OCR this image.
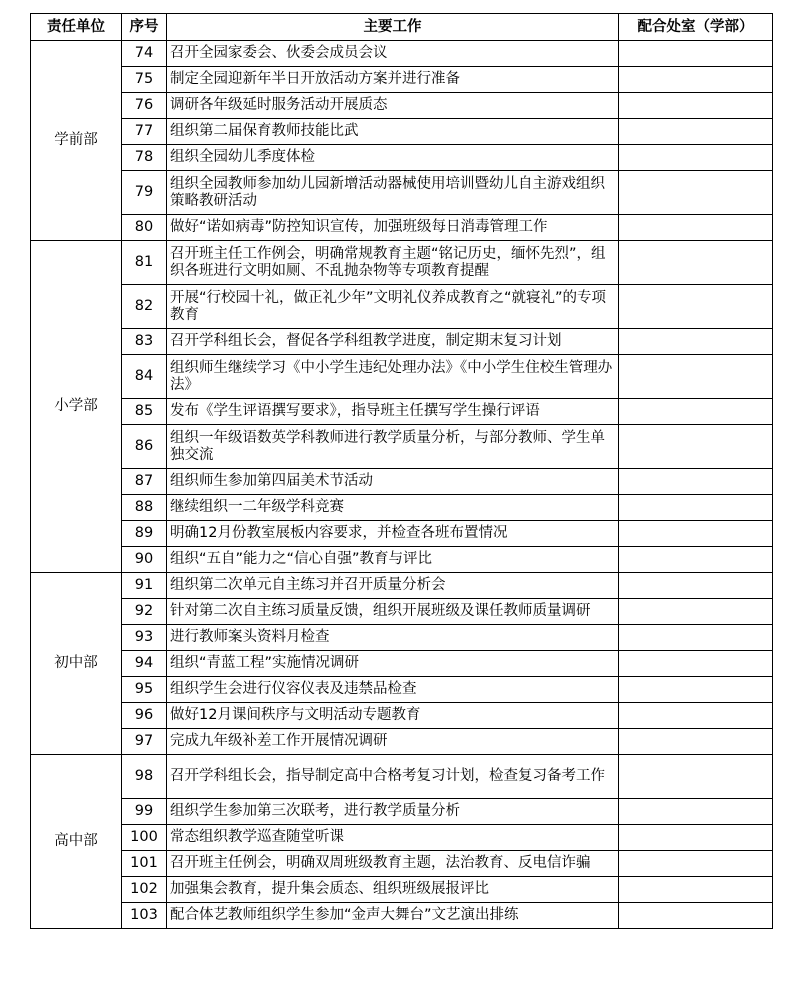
责任单位	序号	主要工作	配合处室（学部）
学前部	74	召开全园家委会、伙委会成员会议	
	75	制定全园迎新年半日开放活动方案并进行准备	
	76	调研各年级延时服务活动开展质态	
	77	组织第二届保育教师技能比武	
	78	组织全园幼儿季度体检	
	79	组织全园教师参加幼儿园新增活动器械使用培训暨幼儿自主游戏组织策略教研活动	
	80	做好“诺如病毒”防控知识宣传，加强班级每日消毒管理工作	
小学部	81	召开班主任工作例会，明确常规教育主题“铭记历史，缅怀先烈”，组织各班进行文明如厕、不乱抛杂物等专项教育提醒	
	82	开展“行校园十礼，做正礼少年”文明礼仪养成教育之“就寝礼”的专项教育	
	83	召开学科组长会，督促各学科组教学进度，制定期末复习计划	
	84	组织师生继续学习《中小学生违纪处理办法》《中小学生住校生管理办法》	
	85	发布《学生评语撰写要求》，指导班主任撰写学生操行评语	
	86	组织一年级语数英学科教师进行教学质量分析，与部分教师、学生单独交流	
	87	组织师生参加第四届美术节活动	
	88	继续组织一二年级学科竞赛	
	89	明确12月份教室展板内容要求，并检查各班布置情况	
	90	组织“五自”能力之“信心自强”教育与评比	
初中部	91	组织第二次单元自主练习并召开质量分析会	
	92	针对第二次自主练习质量反馈，组织开展班级及课任教师质量调研	
	93	进行教师案头资料月检查	
	94	组织“青蓝工程”实施情况调研	
	95	组织学生会进行仪容仪表及违禁品检查	
	96	做好12月课间秩序与文明活动专题教育	
	97	完成九年级补差工作开展情况调研	
高中部	98	召开学科组长会，指导制定高中合格考复习计划，检查复习备考工作	
	99	组织学生参加第三次联考，进行教学质量分析	
	100	常态组织教学巡查随堂听课	
	101	召开班主任例会，明确双周班级教育主题，法治教育、反电信诈骗	
	102	加强集会教育，提升集会质态、组织班级展报评比	
	103	配合体艺教师组织学生参加“金声大舞台”文艺演出排练	
